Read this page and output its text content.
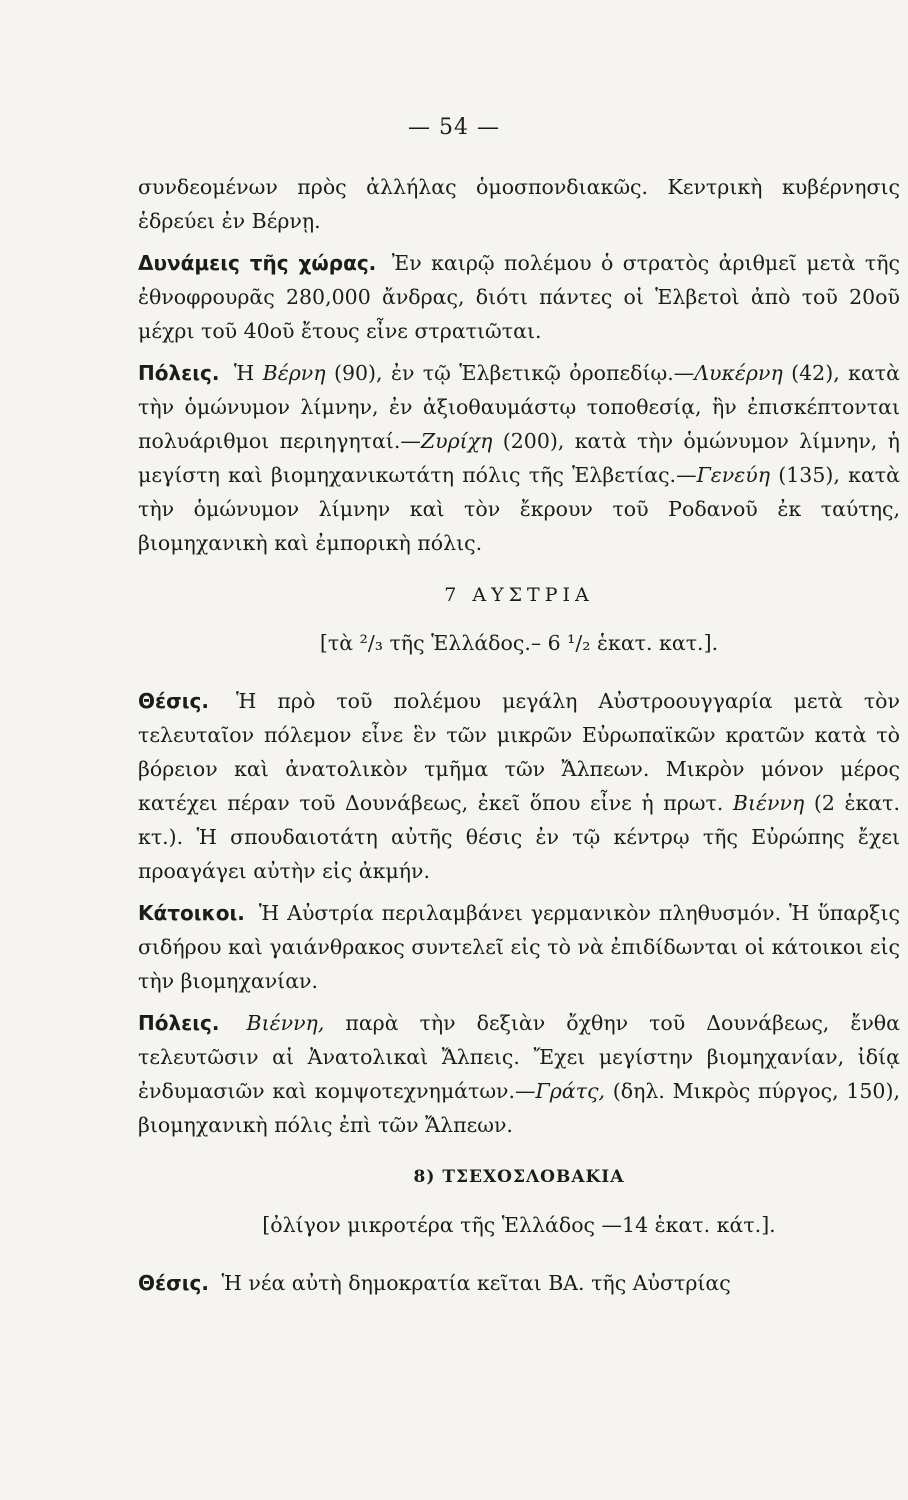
— 54 —

συνδεομένων πρὸς ἀλλήλας ὁμοσπονδιακῶς. Κεντρικὴ κυβέρνησις ἑδρεύει ἐν Βέρνῃ.

Δυνάμεις τῆς χώρας. Ἐν καιρῷ πολέμου ὁ στρατὸς ἀριθμεῖ μετὰ τῆς ἐθνοφρουρᾶς 280,000 ἄνδρας, διότι πάντες οἱ Ἑλβετοὶ ἀπὸ τοῦ 20οῦ μέχρι τοῦ 40οῦ ἔτους εἶνε στρατιῶται.

Πόλεις. Ἡ Βέρνη (90), ἐν τῷ Ἑλβετικῷ ὀροπεδίῳ.—Λυκέρνη (42), κατὰ τὴν ὁμώνυμον λίμνην, ἐν ἀξιοθαυμάστῳ τοποθεσίᾳ, ἣν ἐπισκέπτονται πολυάριθμοι περιηγηταί.—Ζυρίχη (200), κατὰ τὴν ὁμώνυμον λίμνην, ἡ μεγίστη καὶ βιομηχανικωτάτη πόλις τῆς Ἑλβετίας.—Γενεύη (135), κατὰ τὴν ὁμώνυμον λίμνην καὶ τὸν ἔκρουν τοῦ Ροδανοῦ ἐκ ταύτης, βιομηχανικὴ καὶ ἐμπορικὴ πόλις.

7 ΑΥΣΤΡΙΑ
[τὰ ²/₃ τῆς Ἑλλάδος.– 6 ¹/₂ ἑκατ. κατ.].

Θέσις. Ἡ πρὸ τοῦ πολέμου μεγάλη Αὐστροουγγαρία μετὰ τὸν τελευταῖον πόλεμον εἶνε ἓν τῶν μικρῶν Εὐρωπαϊκῶν κρατῶν κατὰ τὸ βόρειον καὶ ἀνατολικὸν τμῆμα τῶν Ἄλπεων. Μικρὸν μόνον μέρος κατέχει πέραν τοῦ Δουνάβεως, ἐκεῖ ὅπου εἶνε ἡ πρωτ. Βιέννη (2 ἑκατ. κτ.). Ἡ σπουδαιοτάτη αὐτῆς θέσις ἐν τῷ κέντρῳ τῆς Εὐρώπης ἔχει προαγάγει αὐτὴν εἰς ἀκμήν.

Κάτοικοι. Ἡ Αὐστρία περιλαμβάνει γερμανικὸν πληθυσμόν. Ἡ ὕπαρξις σιδήρου καὶ γαιάνθρακος συντελεῖ εἰς τὸ νὰ ἐπιδίδωνται οἱ κάτοικοι εἰς τὴν βιομηχανίαν.

Πόλεις. Βιέννη, παρὰ τὴν δεξιὰν ὄχθην τοῦ Δουνάβεως, ἔνθα τελευτῶσιν αἱ Ἀνατολικαὶ Ἄλπεις. Ἔχει μεγίστην βιομηχανίαν, ἰδίᾳ ἐνδυμασιῶν καὶ κομψοτεχνημάτων.—Γράτς, (δηλ. Μικρὸς πύργος, 150), βιομηχανικὴ πόλις ἐπὶ τῶν Ἄλπεων.

8) ΤΣΕΧΟΣΛΟΒΑΚΙΑ
[ὀλίγον μικροτέρα τῆς Ἑλλάδος —14 ἑκατ. κάτ.].

Θέσις. Ἡ νέα αὐτὴ δημοκρατία κεῖται ΒΑ. τῆς Αὐστρίας
